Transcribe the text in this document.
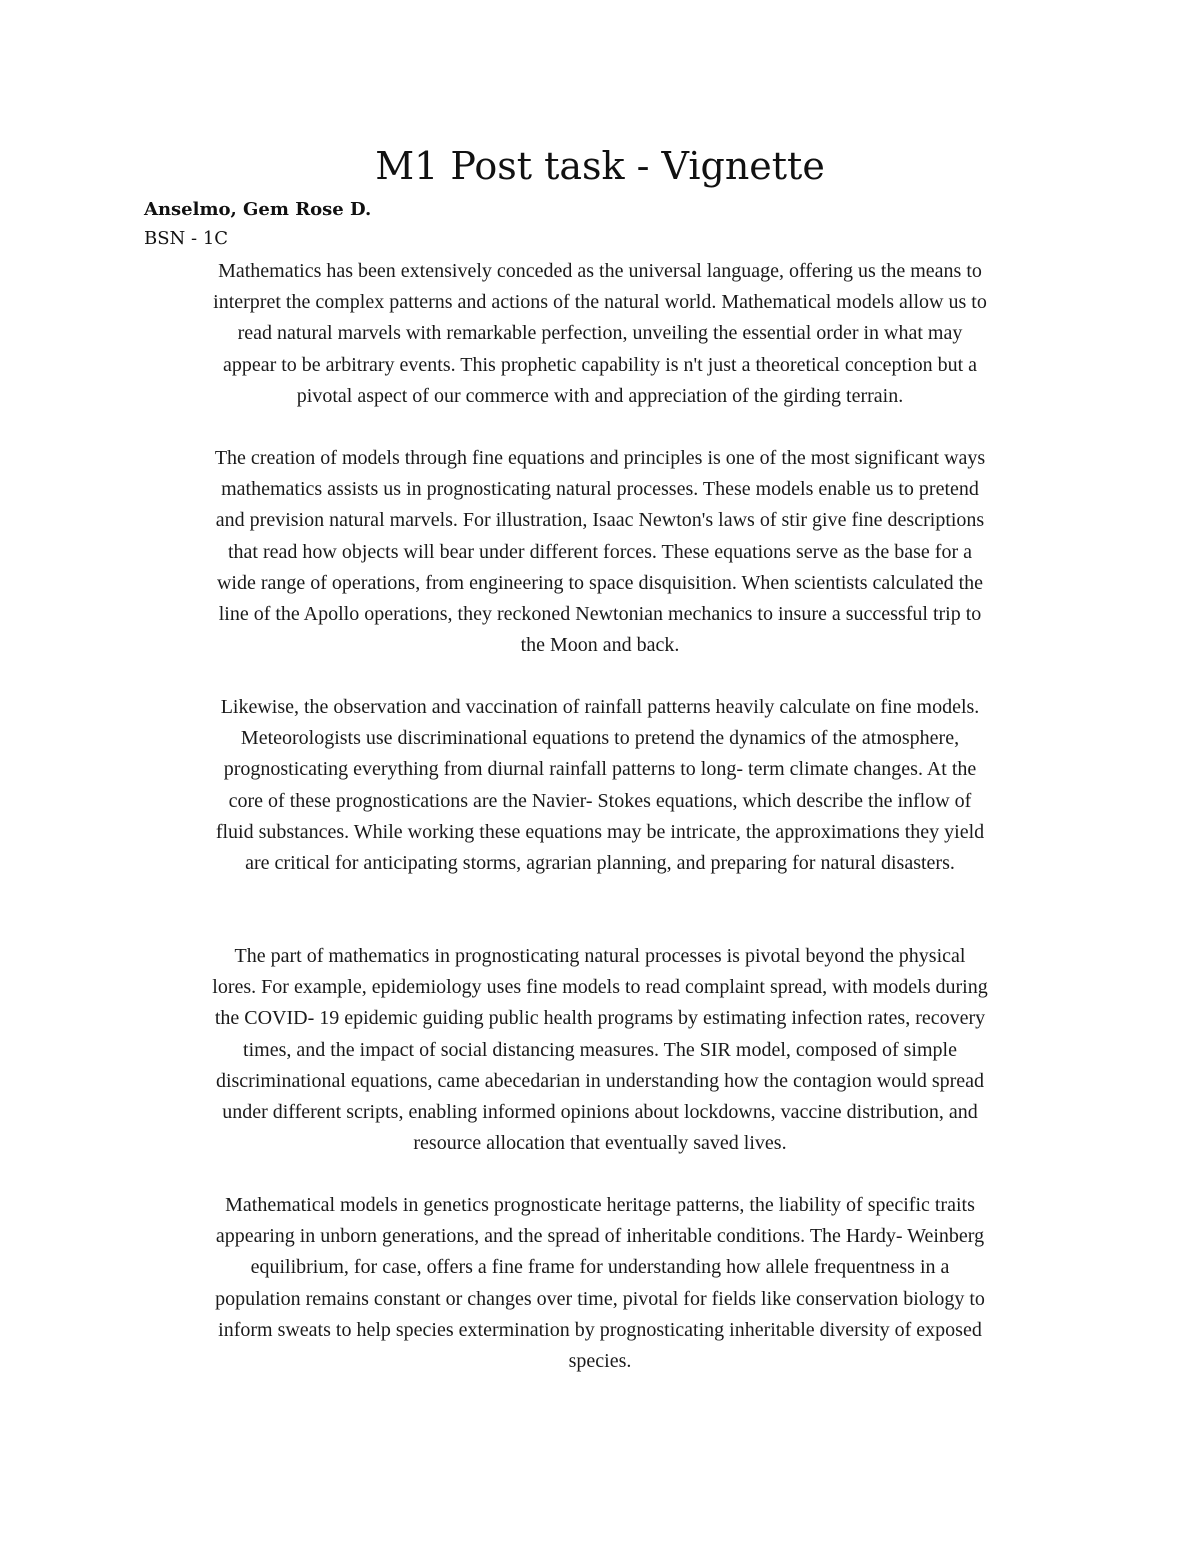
M1 Post task - Vignette
Anselmo, Gem Rose D.
BSN - 1C

Mathematics has been extensively conceded as the universal language, offering us the means to
interpret the complex patterns and actions of the natural world. Mathematical models allow us to
read natural marvels with remarkable perfection, unveiling the essential order in what may
appear to be arbitrary events. This prophetic capability is n't just a theoretical conception but a
pivotal aspect of our commerce with and appreciation of the girding terrain.

The creation of models through fine equations and principles is one of the most significant ways
mathematics assists us in prognosticating natural processes. These models enable us to pretend
and prevision natural marvels. For illustration, Isaac Newton's laws of stir give fine descriptions
that read how objects will bear under different forces. These equations serve as the base for a
wide range of operations, from engineering to space disquisition. When scientists calculated the
line of the Apollo operations, they reckoned Newtonian mechanics to insure a successful trip to
the Moon and back.

Likewise, the observation and vaccination of rainfall patterns heavily calculate on fine models.
Meteorologists use discriminational equations to pretend the dynamics of the atmosphere,
prognosticating everything from diurnal rainfall patterns to long- term climate changes. At the
core of these prognostications are the Navier- Stokes equations, which describe the inflow of
fluid substances. While working these equations may be intricate, the approximations they yield
are critical for anticipating storms, agrarian planning, and preparing for natural disasters.

The part of mathematics in prognosticating natural processes is pivotal beyond the physical
lores. For example, epidemiology uses fine models to read complaint spread, with models during
the COVID- 19 epidemic guiding public health programs by estimating infection rates, recovery
times, and the impact of social distancing measures. The SIR model, composed of simple
discriminational equations, came abecedarian in understanding how the contagion would spread
under different scripts, enabling informed opinions about lockdowns, vaccine distribution, and
resource allocation that eventually saved lives.

Mathematical models in genetics prognosticate heritage patterns, the liability of specific traits
appearing in unborn generations, and the spread of inheritable conditions. The Hardy- Weinberg
equilibrium, for case, offers a fine frame for understanding how allele frequentness in a
population remains constant or changes over time, pivotal for fields like conservation biology to
inform sweats to help species extermination by prognosticating inheritable diversity of exposed
species.
